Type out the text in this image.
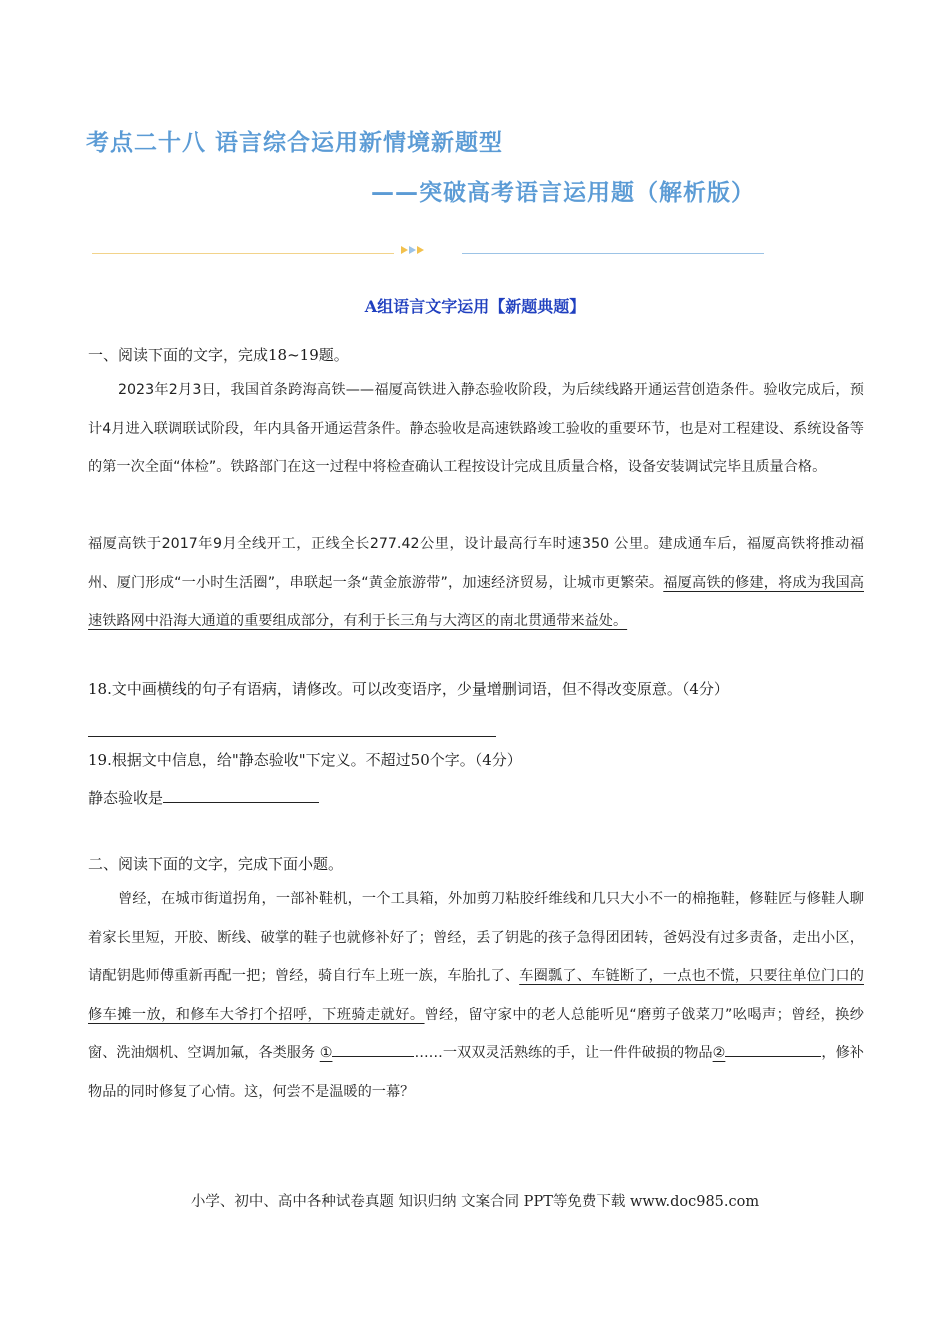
考点二十八 语言综合运用新情境新题型
——突破高考语言运用题（解析版）
A组语言文字运用【新题典题】
一、阅读下面的文字，完成18~19题。

2023年2月3日，我国首条跨海高铁——福厦高铁进入静态验收阶段，为后续线路开通运营创造条件。验收完成后，预计4月进入联调联试阶段，年内具备开通运营条件。静态验收是高速铁路竣工验收的重要环节，也是对工程建设、系统设备等的第一次全面“体检”。铁路部门在这一过程中将检查确认工程按设计完成且质量合格，设备安装调试完毕且质量合格。

福厦高铁于2017年9月全线开工，正线全长277.42公里，设计最高行车时速350 公里。建成通车后，福厦高铁将推动福州、厦门形成“一小时生活圈”，串联起一条“黄金旅游带”，加速经济贸易，让城市更繁荣。福厦高铁的修建，将成为我国高速铁路网中沿海大通道的重要组成部分，有利于长三角与大湾区的南北贯通带来益处。

18.文中画横线的句子有语病，请修改。可以改变语序，少量增删词语，但不得改变原意。（4分）
19.根据文中信息，给"静态验收"下定义。不超过50个字。（4分）
静态验收是
二、阅读下面的文字，完成下面小题。

曾经，在城市街道拐角，一部补鞋机，一个工具箱，外加剪刀粘胶纤维线和几只大小不一的棉拖鞋，修鞋匠与修鞋人聊着家长里短，开胶、断线、破掌的鞋子也就修补好了；曾经，丢了钥匙的孩子急得团团转，爸妈没有过多责备，走出小区，请配钥匙师傅重新再配一把；曾经，骑自行车上班一族，车胎扎了、车圈瓢了、车链断了，一点也不慌，只要往单位门口的修车摊一放，和修车大爷打个招呼，下班骑走就好。曾经，留守家中的老人总能听见“磨剪子戗菜刀”吆喝声；曾经，换纱窗、洗油烟机、空调加氟，各类服务 ①	……一双双灵活熟练的手，让一件件破损的物品②	，修补物品的同时修复了心情。这，何尝不是温暖的一幕？

小学、初中、高中各种试卷真题 知识归纳 文案合同 PPT等免费下载 www.doc985.com
